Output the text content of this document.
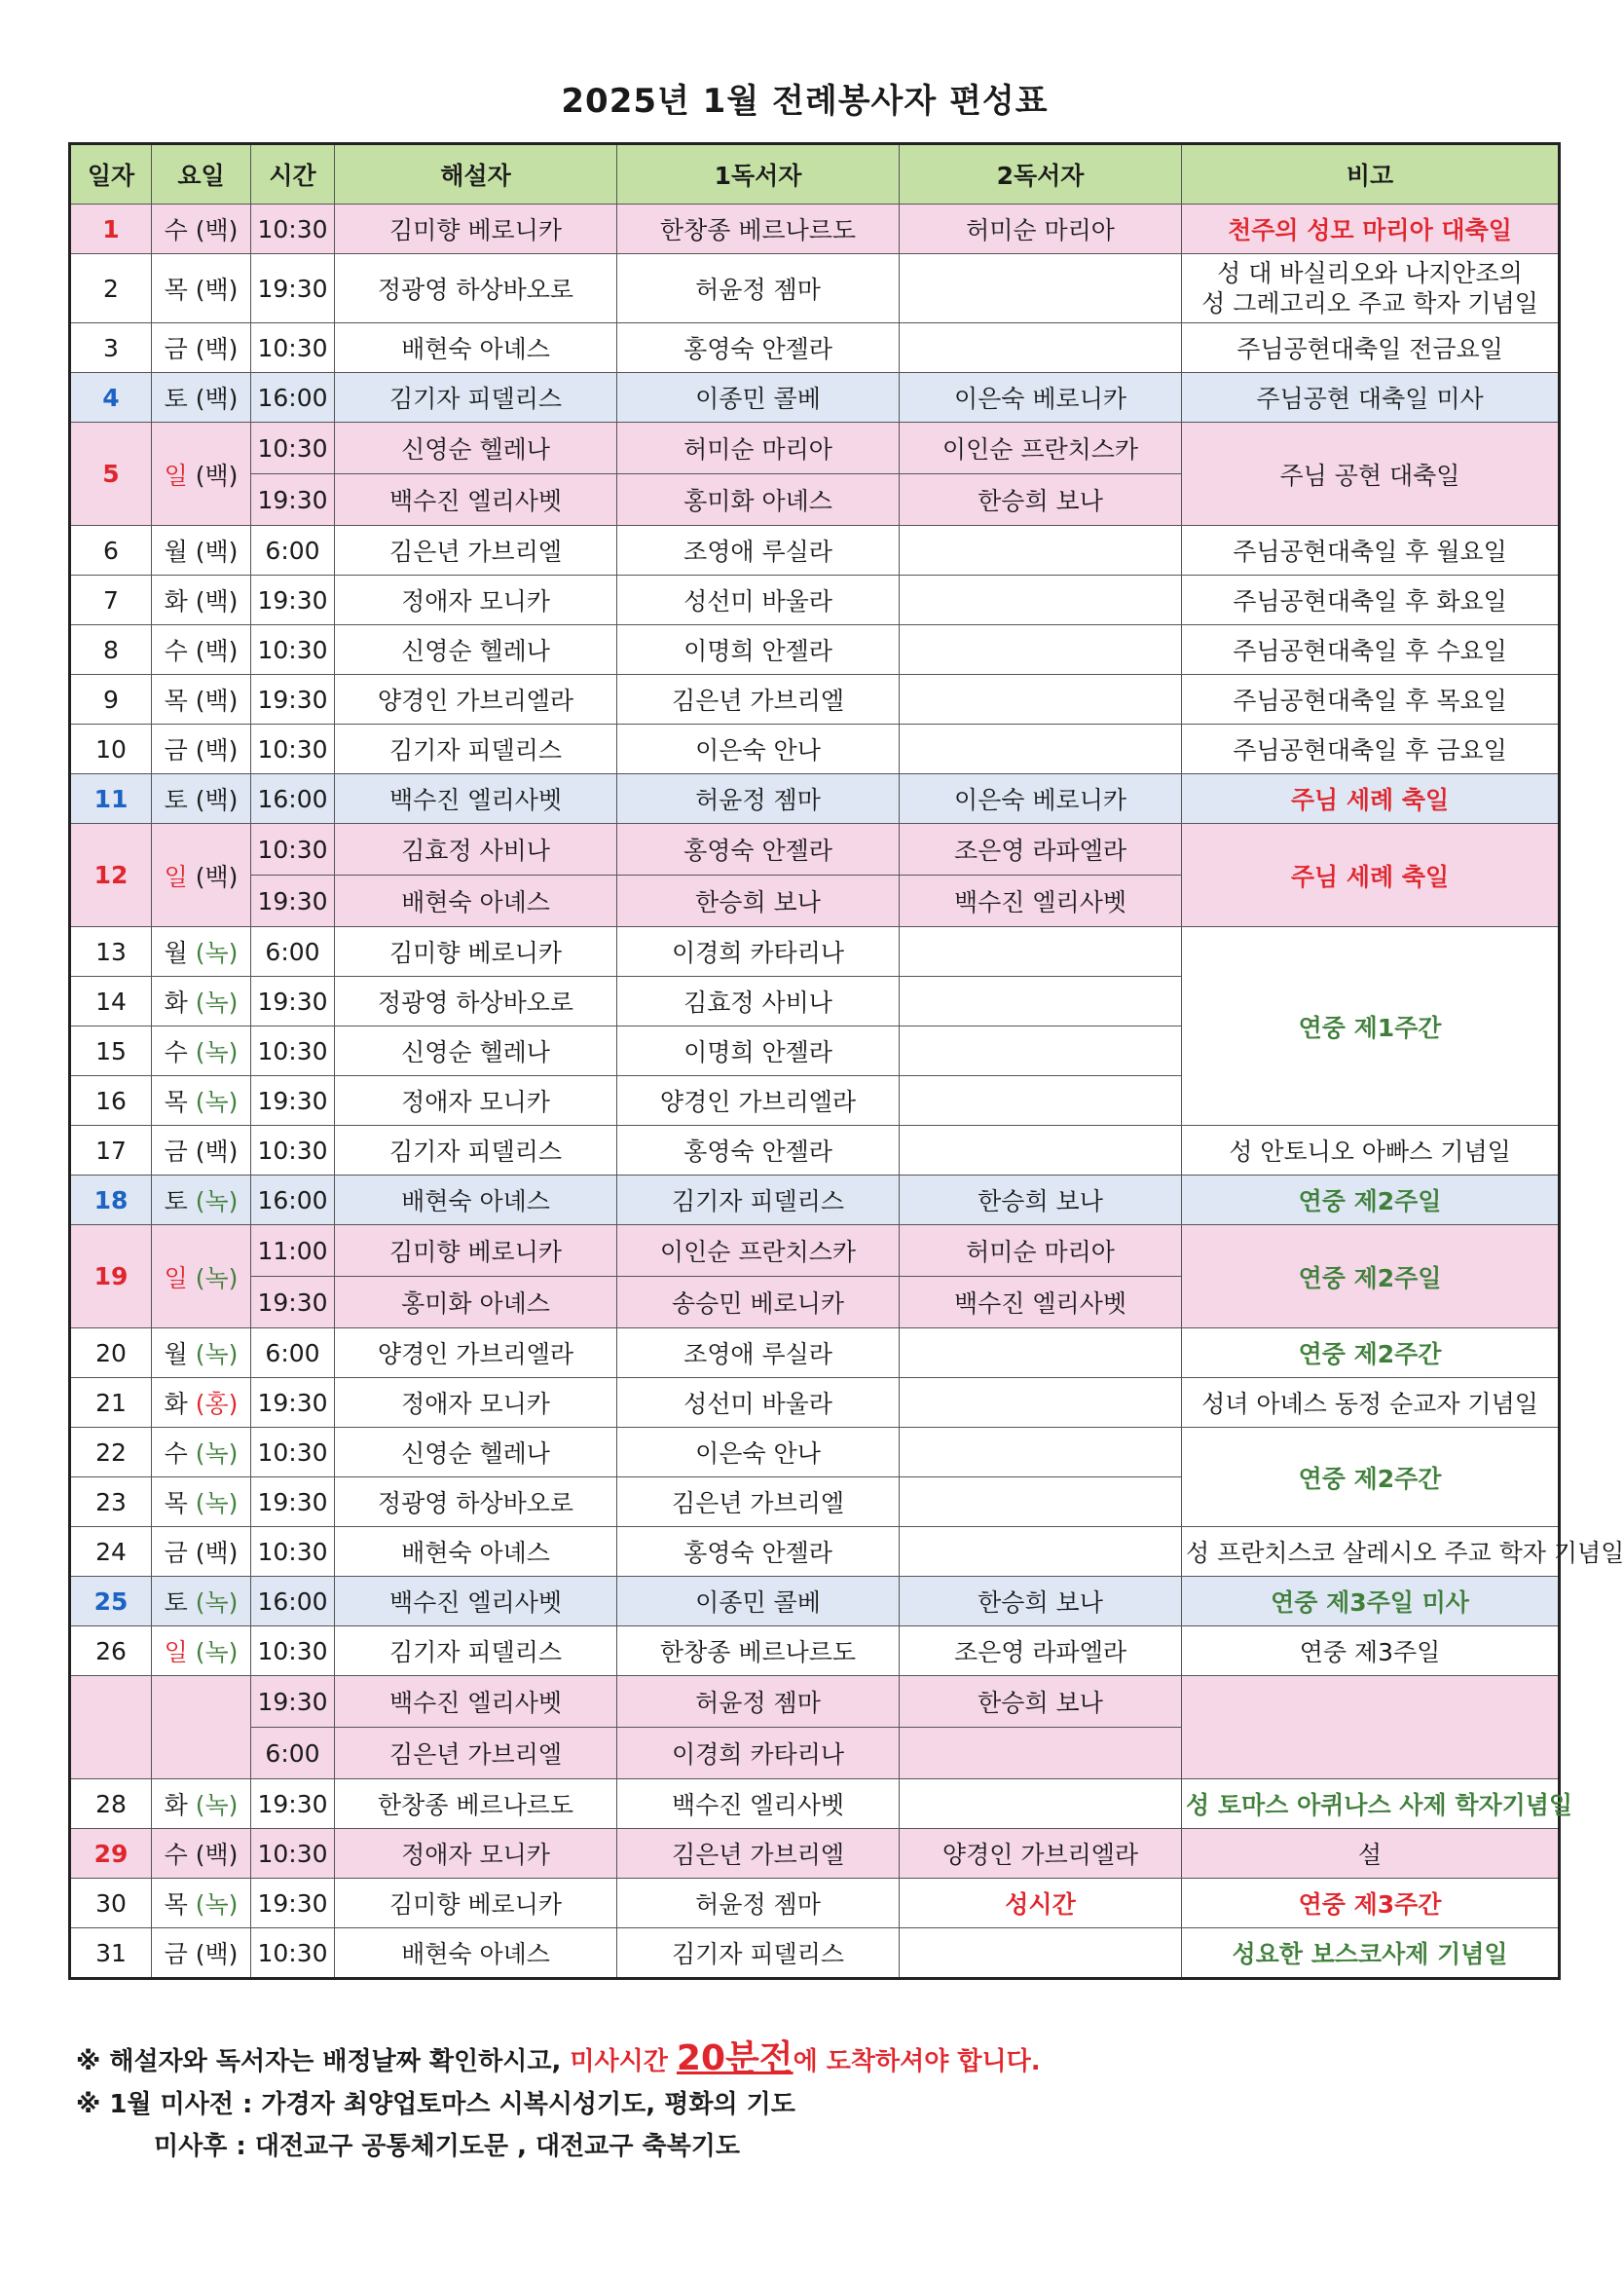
2025년 1월 전례봉사자 편성표
일자	요일	시간	해설자	1독서자	2독서자	비고
1	수 (백)	10:30	김미향 베로니카	한창종 베르나르도	허미순 마리아	천주의 성모 마리아 대축일
2	목 (백)	19:30	정광영 하상바오로	허윤정 젬마		성 대 바실리오와 나지안조의
성 그레고리오 주교 학자 기념일

3	금 (백)	10:30	배현숙 아녜스	홍영숙 안젤라		주님공현대축일 전금요일
4	토 (백)	16:00	김기자 피델리스	이종민 콜베	이은숙 베로니카	주님공현 대축일 미사
5	일 (백)	10:30	신영순 헬레나	허미순 마리아	이인순 프란치스카	주님 공현 대축일
		19:30	백수진 엘리사벳	홍미화 아녜스	한승희 보나	
6	월 (백)	6:00	김은년 가브리엘	조영애 루실라		주님공현대축일 후 월요일
7	화 (백)	19:30	정애자 모니카	성선미 바울라		주님공현대축일 후 화요일
8	수 (백)	10:30	신영순 헬레나	이명희 안젤라		주님공현대축일 후 수요일
9	목 (백)	19:30	양경인 가브리엘라	김은년 가브리엘		주님공현대축일 후 목요일
10	금 (백)	10:30	김기자 피델리스	이은숙 안나		주님공현대축일 후 금요일
11	토 (백)	16:00	백수진 엘리사벳	허윤정 젬마	이은숙 베로니카	주님 세례 축일
12	일 (백)	10:30	김효정 사비나	홍영숙 안젤라	조은영 라파엘라	주님 세례 축일
		19:30	배현숙 아녜스	한승희 보나	백수진 엘리사벳	
13	월 (녹)	6:00	김미향 베로니카	이경희 카타리나		연중 제1주간
14	화 (녹)	19:30	정광영 하상바오로	김효정 사비나		
15	수 (녹)	10:30	신영순 헬레나	이명희 안젤라		
16	목 (녹)	19:30	정애자 모니카	양경인 가브리엘라		
17	금 (백)	10:30	김기자 피델리스	홍영숙 안젤라		성 안토니오 아빠스 기념일
18	토 (녹)	16:00	배현숙 아녜스	김기자 피델리스	한승희 보나	연중 제2주일
19	일 (녹)	11:00	김미향 베로니카	이인순 프란치스카	허미순 마리아	연중 제2주일
		19:30	홍미화 아녜스	송승민 베로니카	백수진 엘리사벳	
20	월 (녹)	6:00	양경인 가브리엘라	조영애 루실라		연중 제2주간
21	화 (홍)	19:30	정애자 모니카	성선미 바울라		성녀 아녜스 동정 순교자 기념일
22	수 (녹)	10:30	신영순 헬레나	이은숙 안나		연중 제2주간
23	목 (녹)	19:30	정광영 하상바오로	김은년 가브리엘		
24	금 (백)	10:30	배현숙 아녜스	홍영숙 안젤라		성 프란치스코 살레시오 주교 학자 기념일
25	토 (녹)	16:00	백수진 엘리사벳	이종민 콜베	한승희 보나	연중 제3주일 미사
26	일 (녹)	10:30	김기자 피델리스	한창종 베르나르도	조은영 라파엘라	연중 제3주일
		19:30	백수진 엘리사벳	허윤정 젬마	한승희 보나	
		6:00	김은년 가브리엘	이경희 카타리나		
28	화 (녹)	19:30	한창종 베르나르도	백수진 엘리사벳		성 토마스 아퀴나스 사제 학자기념일
29	수 (백)	10:30	정애자 모니카	김은년 가브리엘	양경인 가브리엘라	설
30	목 (녹)	19:30	김미향 베로니카	허윤정 젬마	성시간	연중 제3주간
31	금 (백)	10:30	배현숙 아녜스	김기자 피델리스		성요한 보스코사제 기념일
※ 해설자와 독서자는 배정날짜 확인하시고, 미사시간 20분전에 도착하셔야 합니다.
※ 1월 미사전 : 가경자 최양업토마스 시복시성기도, 평화의 기도
미사후 : 대전교구 공통체기도문 , 대전교구 축복기도
